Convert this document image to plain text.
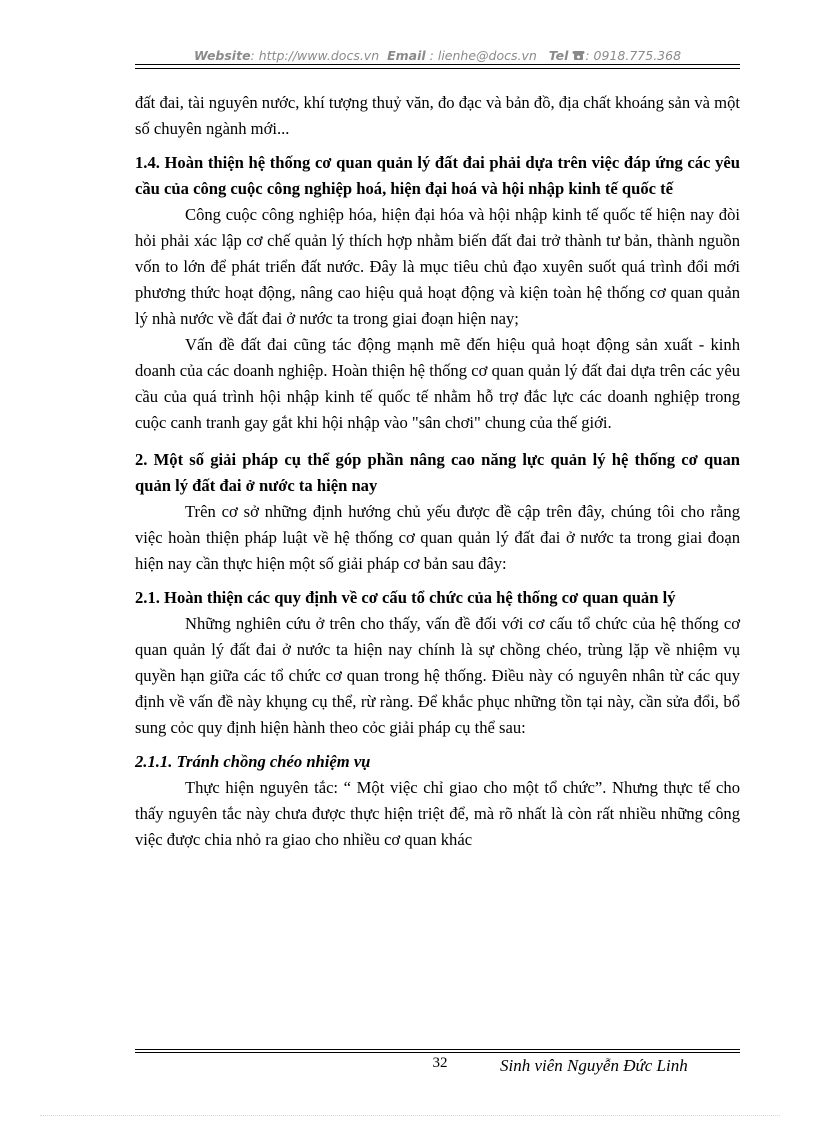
Website: http://www.docs.vn Email : lienhe@docs.vn Tel : 0918.775.368

đất đai, tài nguyên nước, khí tượng thuỷ văn, đo đạc và bản đồ, địa chất khoáng sản và một số chuyên ngành mới...

1.4. Hoàn thiện hệ thống cơ quan quản lý đất đai phải dựa trên việc đáp ứng các yêu cầu của công cuộc công nghiệp hoá, hiện đại hoá và hội nhập kinh tế quốc tế

Công cuộc công nghiệp hóa, hiện đại hóa và hội nhập kinh tế quốc tế hiện nay đòi hỏi phải xác lập cơ chế quản lý thích hợp nhằm biến đất đai trở thành tư bản, thành nguồn vốn to lớn để phát triển đất nước. Đây là mục tiêu chủ đạo xuyên suốt quá trình đổi mới phương thức hoạt động, nâng cao hiệu quả hoạt động và kiện toàn hệ thống cơ quan quản lý nhà nước về đất đai ở nước ta trong giai đoạn hiện nay;

Vấn đề đất đai cũng tác động mạnh mẽ đến hiệu quả hoạt động sản xuất - kinh doanh của các doanh nghiệp. Hoàn thiện hệ thống cơ quan quản lý đất đai dựa trên các yêu cầu của quá trình hội nhập kinh tế quốc tế nhằm hỗ trợ đắc lực các doanh nghiệp trong cuộc canh tranh gay gắt khi hội nhập vào "sân chơi" chung của thế giới.

2. Một số giải pháp cụ thể góp phần nâng cao năng lực quản lý hệ thống cơ quan quản lý đất đai ở nước ta hiện nay

Trên cơ sở những định hướng chủ yếu được đề cập trên đây, chúng tôi cho rằng việc hoàn thiện pháp luật về hệ thống cơ quan quản lý đất đai ở nước ta trong giai đoạn hiện nay cần thực hiện một số giải pháp cơ bản sau đây:

2.1. Hoàn thiện các quy định về cơ cấu tổ chức của hệ thống cơ quan quản lý

Những nghiên cứu ở trên cho thấy, vấn đề đối với cơ cấu tổ chức của hệ thống cơ quan quản lý đất đai ở nước ta hiện nay chính là sự chồng chéo, trùng lặp về nhiệm vụ quyền hạn giữa các tổ chức cơ quan trong hệ thống. Điều này có nguyên nhân từ các quy định về vấn đề này khụng cụ thể, rừ ràng. Để khắc phục những tồn tại này, cần sửa đổi, bổ sung cỏc quy định hiện hành theo cỏc giải pháp cụ thể sau:

2.1.1. Tránh chồng chéo nhiệm vụ

Thực hiện nguyên tắc: “ Một việc chỉ giao cho một tổ chức”. Nhưng thực tế cho thấy nguyên tắc này chưa được thực hiện triệt để, mà rõ nhất là còn rất nhiều những công việc được chia nhỏ ra giao cho nhiều cơ quan khác

32	Sinh viên Nguyễn Đức Linh
